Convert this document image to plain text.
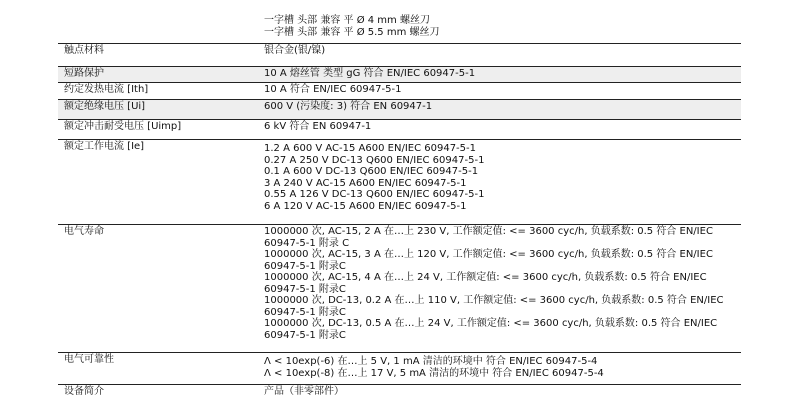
一字槽 头部 兼容 平 Ø 4 mm 螺丝刀
一字槽 头部 兼容 平 Ø 5.5 mm 螺丝刀
触点材料	银合金(银/镍)
短路保护	10 A 熔丝管 类型 gG 符合 EN/IEC 60947-5-1
约定发热电流 [Ith]	10 A 符合 EN/IEC 60947-5-1
额定绝缘电压 [Ui]	600 V (污染度: 3) 符合 EN 60947-1
额定冲击耐受电压 [Uimp]	6 kV 符合 EN 60947-1
额定工作电流 [Ie]	1.2 A 600 V AC-15 A600 EN/IEC 60947-5-1
0.27 A 250 V DC-13 Q600 EN/IEC 60947-5-1
0.1 A 600 V DC-13 Q600 EN/IEC 60947-5-1
3 A 240 V AC-15 A600 EN/IEC 60947-5-1
0.55 A 126 V DC-13 Q600 EN/IEC 60947-5-1
6 A 120 V AC-15 A600 EN/IEC 60947-5-1
电气寿命	1000000 次, AC-15, 2 A 在…上 230 V, 工作额定值: <= 3600 cyc/h, 负载系数: 0.5 符合 EN/IEC 60947-5-1 附录 C
1000000 次, AC-15, 3 A 在…上 120 V, 工作额定值: <= 3600 cyc/h, 负载系数: 0.5 符合 EN/IEC 60947-5-1 附录C
1000000 次, AC-15, 4 A 在…上 24 V, 工作额定值: <= 3600 cyc/h, 负载系数: 0.5 符合 EN/IEC 60947-5-1 附录C
1000000 次, DC-13, 0.2 A 在…上 110 V, 工作额定值: <= 3600 cyc/h, 负载系数: 0.5 符合 EN/IEC 60947-5-1 附录C
1000000 次, DC-13, 0.5 A 在…上 24 V, 工作额定值: <= 3600 cyc/h, 负载系数: 0.5 符合 EN/IEC 60947-5-1 附录C
电气可靠性	Λ < 10exp(-6) 在…上 5 V, 1 mA 清洁的环境中 符合 EN/IEC 60947-5-4
Λ < 10exp(-8) 在…上 17 V, 5 mA 清洁的环境中 符合 EN/IEC 60947-5-4
设备简介	产品（非零部件）
